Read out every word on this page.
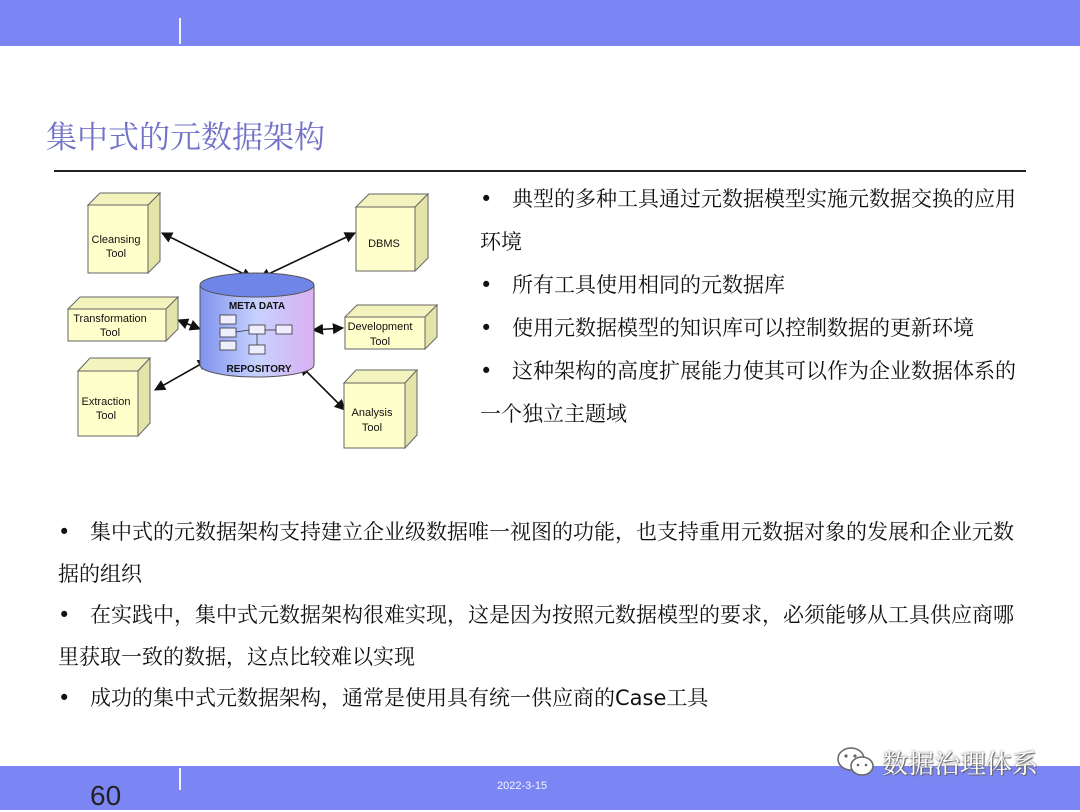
集中式的元数据架构
META DATA
REPOSITORY
Cleansing
Tool
DBMS
Transformation
Tool	Development
Tool
Extraction
Tool	Analysis
Tool
• 典型的多种工具通过元数据模型实施元数据交换的应用环境
• 所有工具使用相同的元数据库
• 使用元数据模型的知识库可以控制数据的更新环境
• 这种架构的高度扩展能力使其可以作为企业数据体系的一个独立主题域
• 集中式的元数据架构支持建立企业级数据唯一视图的功能，也支持重用元数据对象的发展和企业元数据的组织
• 在实践中，集中式元数据架构很难实现，这是因为按照元数据模型的要求，必须能够从工具供应商哪里获取一致的数据，这点比较难以实现
• 成功的集中式元数据架构，通常是使用具有统一供应商的Case工具
60	2022-3-15
数据治理体系
